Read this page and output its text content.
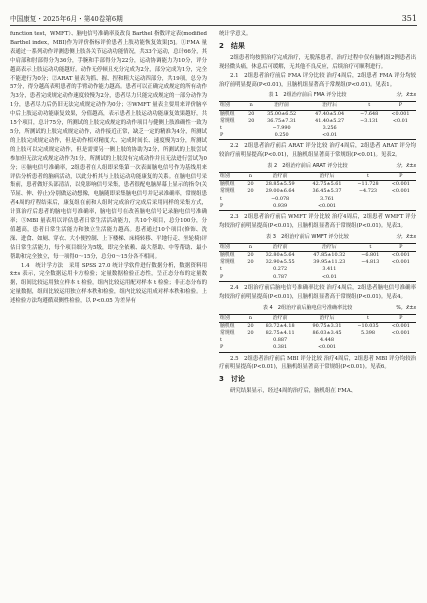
中国康复・2025年6月・第40卷第6期	351

function test，WMFT）、脑电信号准确率及改良 Barthel 指数评定表(modified Barthel index，MBI)作为评价指标评价患者上肢功能恢复效果[5]。①FMA 量表通过一系列动作评测患侧上肢各关节运动功能情况，共33个运动，总计66分，其中肩部和肘部得分为36分，手腕和手部得分为22分，运动协调能力为10分，评分越高表示上肢运动功能越好。动作无停顿且充分完成为2分，部分完成为1分，完全不能进行为0分；②ARAT 量表为抓、握、捏和粗大运动四部分，共19项，总分为57分，得分越高表明患者的手臂动作能力越高。患者可以正确完成规定的所有动作为3分，患者完成规定动作速度较慢为2分，患者尽力只能完成规定的一部分动作为1分，患者尽力后仍旧无法完成规定动作为0分；③WMFT 量表主要用来评价脑卒中后上肢运动功能康复效果，分值越高，表示患者上肢运动功能康复效果越好，共15个项目，总计75分，所测试的上肢完成规定的动作项目与健侧上肢准确性一致为5分，所测试的上肢完成规定动作，动作接近正常，缺乏一定的精准为4分，所测试的上肢完成规定动作，但是动作相对精度大、完成时间长、速度慢为3分，所测试的上肢可以完成规定动作，但是需要另一侧上肢的协助为2分，所测试的上肢尝试参加但无法完成规定动作为1分，所测试的上肢没有完成动作并且无法进行尝试为0分；④脑电信号准确率，2组患者在人组即采集第一次表面脑电信号作为基线用来评估分析患者的脑病活动，以此分析其与上肢运动功能康复的关系。在脑电信号采集前，患者做好头部清洁，以免影响信号采集，患者很配电脑屏幕上显示的指令(关节屈、伸、停止)分别做运动想像，电脑随即采集脑电信号并记录准确率，常规组患者4周的疗程结束后，康复组在前和人组时完成治疗完成后采用同样的采集方式，计算治疗后患者的脑电信号准确率，脑电信号在改善脑电信号记录脑电信号准确率；⑤MBI 量表用以评估患者日常生活活动能力，共10个项目，总分100分，分值越高，患者日常生活能力和独立生活能力越高。患者通过10个项目(修饰、洗澡、进食、如厕、穿衣、大小便控制、上下楼梯、床椅转移、平地行走、坐轮椅)评估日常生活能力，每个项目细分为5级，即完全依赖、最大帮助、中等帮助、最小帮助和完全独立，每一项得0～15分，总分0～15分各不相同。

1.4　统计学方法　采用 SPSS 27.0 统计学软件进行数据分析，数据资料用 x̄±s 表示，完全数据运用卡方检验；定量数据检验正态性，呈正态分布的定量数据，组间比较运用独立样本 t 检验，组内比较运用配对样本 t 检验；非正态分布的定量数据，组间比较运用独立样本秩和检验，组内比较运用成对样本秩和检验。上述检验方法均遵循双侧性检验，以 P<0.05 为差异有

统计学意义。

2　结果

2组患者均按照治疗完成治疗，无脱落患者，治疗过程中仅有脑机组2例患者出现轻微头痛，休息后可缓解，无其他不良反应，后续治疗可顺利进行。

2.1　2组患者治疗前后 FMA 评分比较 治疗4周后，2组患者 FMA 评分均较治疗前明显提高(P<0.01)，且脑机组显著高于常规组(P<0.01)。见表1。

表 1　2组治疗前后 FMA 评分比较	分，x̄±s
组别	n	治疗前	治疗后	t	P
脑机组	20	35.00±6.52	47.40±5.04	−7.648	<0.001
常规组	20	36.75±7.31	41.40±5.27	−3.131	<0.01
t		−7.990	3.256		
P		0.250	<0.01		

2.2　2组患者治疗前后 ARAT 评分比较 治疗4周后，2组患者 ARAT 评分均较治疗前明显提高(P<0.01)，且脑机组显著高于常规组(P<0.01)。见表2。

表 2　2组治疗前后 ARAT 评分比较	分，x̄±s
组别	n	治疗前	治疗后	t	P
脑机组	20	28.85±5.59	42.75±5.61	−11.728	<0.001
常规组	20	29.00±6.64	36.45±5.37	−4.723	<0.001
t		−0.078	3.761		
P		0.939	<0.001		

2.3　2组患者治疗前后 WMFT 评分比较 治疗4周后，2组患者 WMFT 评分均较治疗前明显提高(P<0.01)，且脑机组显著高于常规组(P<0.01)。见表3。

表 3　2组治疗前后 WMFT 评分比较	分，x̄±s
组别	n	治疗前	治疗后	t	P
脑机组	20	32.80±5.64	47.85±10.32	−6.801	<0.001
常规组	20	32.90±5.55	39.95±11.23	−4.813	<0.001
t		0.272	3.411		
P		0.787	<0.01		

2.4　2组治疗前后脑电信号准确率比较 治疗4周后，2组患者脑电信号准确率均较治疗前明显提高(P<0.01)，且脑机组显著高于常规组(P<0.01)。见表4。

表 4　2组治疗前后脑电信号准确率比较	%，x̄±s
组别	n	治疗前	治疗后	t	P
脑机组	20	83.72±4.18	90.75±3.31	−10.035	<0.001
常规组	20	82.75±4.11	86.03±3.45	5.398	<0.001
t		0.887	4.448		
P		0.381	<0.001		

2.5　2组患者治疗前后 MBI 评分比较 治疗4周后，2组患者 MBI 评分均较治疗前明显提高(P<0.01)，且脑机组显著高于常规组(P<0.01)。见表6。

3　讨论

研究结果显示，经过4周的治疗后，脑机组在 FMA、
